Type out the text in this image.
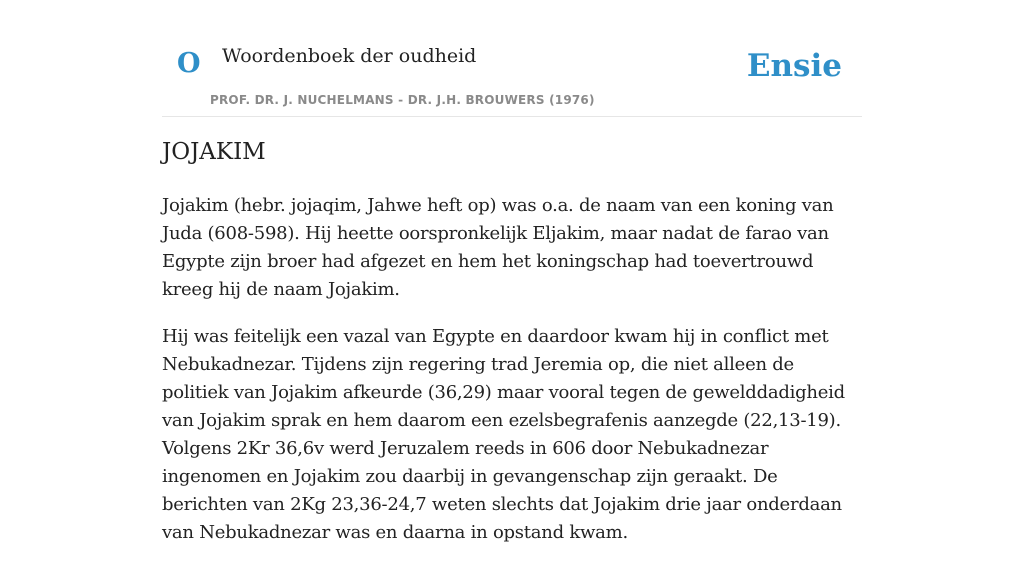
O Woordenboek der oudheid
PROF. DR. J. NUCHELMANS - DR. J.H. BROUWERS (1976)
Ensie
JOJAKIM

Jojakim (hebr. jojaqim, Jahwe heft op) was o.a. de naam van een koning van Juda (608-598). Hij heette oorspronkelijk Eljakim, maar nadat de farao van Egypte zijn broer had afgezet en hem het koningschap had toevertrouwd kreeg hij de naam Jojakim.

Hij was feitelijk een vazal van Egypte en daardoor kwam hij in conflict met Nebukadnezar. Tijdens zijn regering trad Jeremia op, die niet alleen de politiek van Jojakim afkeurde (36,29) maar vooral tegen de gewelddadigheid van Jojakim sprak en hem daarom een ezelsbegrafenis aanzegde (22,13-19). Volgens 2Kr 36,6v werd Jeruzalem reeds in 606 door Nebukadnezar ingenomen en Jojakim zou daarbij in gevangenschap zijn geraakt. De berichten van 2Kg 23,36-24,7 weten slechts dat Jojakim drie jaar onderdaan van Nebukadnezar was en daarna in opstand kwam.
